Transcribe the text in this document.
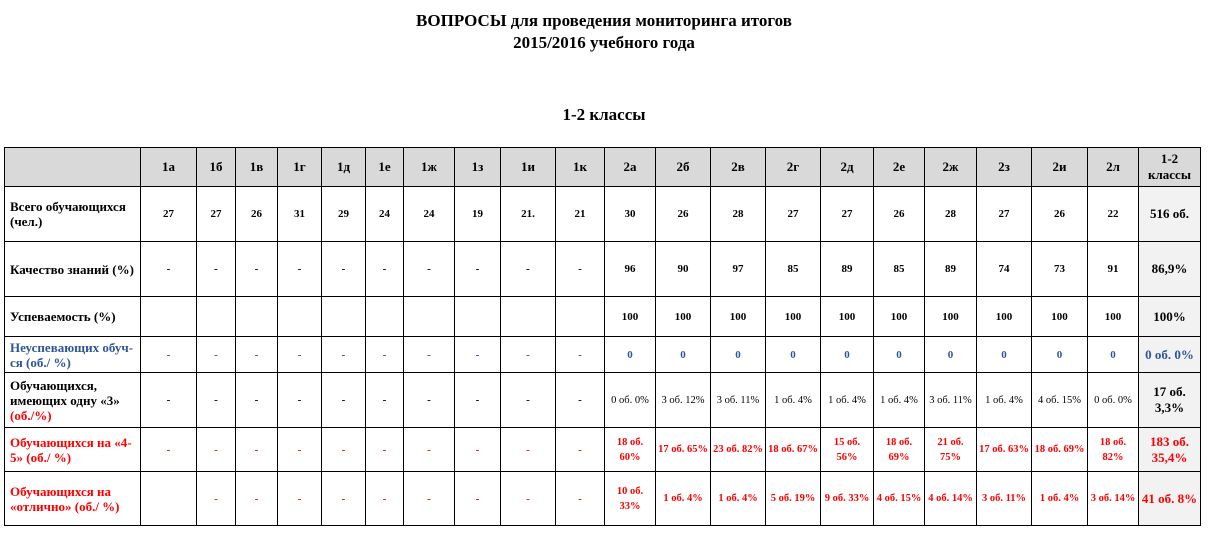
ВОПРОСЫ для проведения мониторинга итогов
2015/2016 учебного года
1-2 классы
	1а	1б	1в	1г	1д	1е	1ж	1з	1и	1к	2а	2б	2в	2г	2д	2е	2ж	2з	2и	2л	1-2 классы
Всего обучающихся (чел.)	27	27	26	31	29	24	24	19	21.	21	30	26	28	27	27	26	28	27	26	22	516 об.
Качество знаний (%)	-	-	-	-	-	-	-	-	-	-	96	90	97	85	89	85	89	74	73	91	86,9%
Успеваемость (%)											100	100	100	100	100	100	100	100	100	100	100%
Неуспевающих обуч-ся (об./ %)	-	-	-	-	-	-	-	-	-	-	0	0	0	0	0	0	0	0	0	0	0 об. 0%
Обучающихся, имеющих одну «3» (об./%)	-	-	-	-	-	-	-	-	-	-	0 об. 0%	3 об. 12%	3 об. 11%	1 об. 4%	1 об. 4%	1 об. 4%	3 об. 11%	1 об. 4%	4 об. 15%	0 об. 0%	17 об. 3,3%
Обучающихся на «4-5» (об./ %)	-	-	-	-	-	-	-	-	-	-	18 об. 60%	17 об. 65%	23 об. 82%	18 об. 67%	15 об. 56%	18 об. 69%	21 об. 75%	17 об. 63%	18 об. 69%	18 об. 82%	183 об. 35,4%
Обучающихся на «отлично» (об./ %)		-	-	-	-	-	-	-	-	-	10 об. 33%	1 об. 4%	1 об. 4%	5 об. 19%	9 об. 33%	4 об. 15%	4 об. 14%	3 об. 11%	1 об. 4%	3 об. 14%	41 об. 8%
